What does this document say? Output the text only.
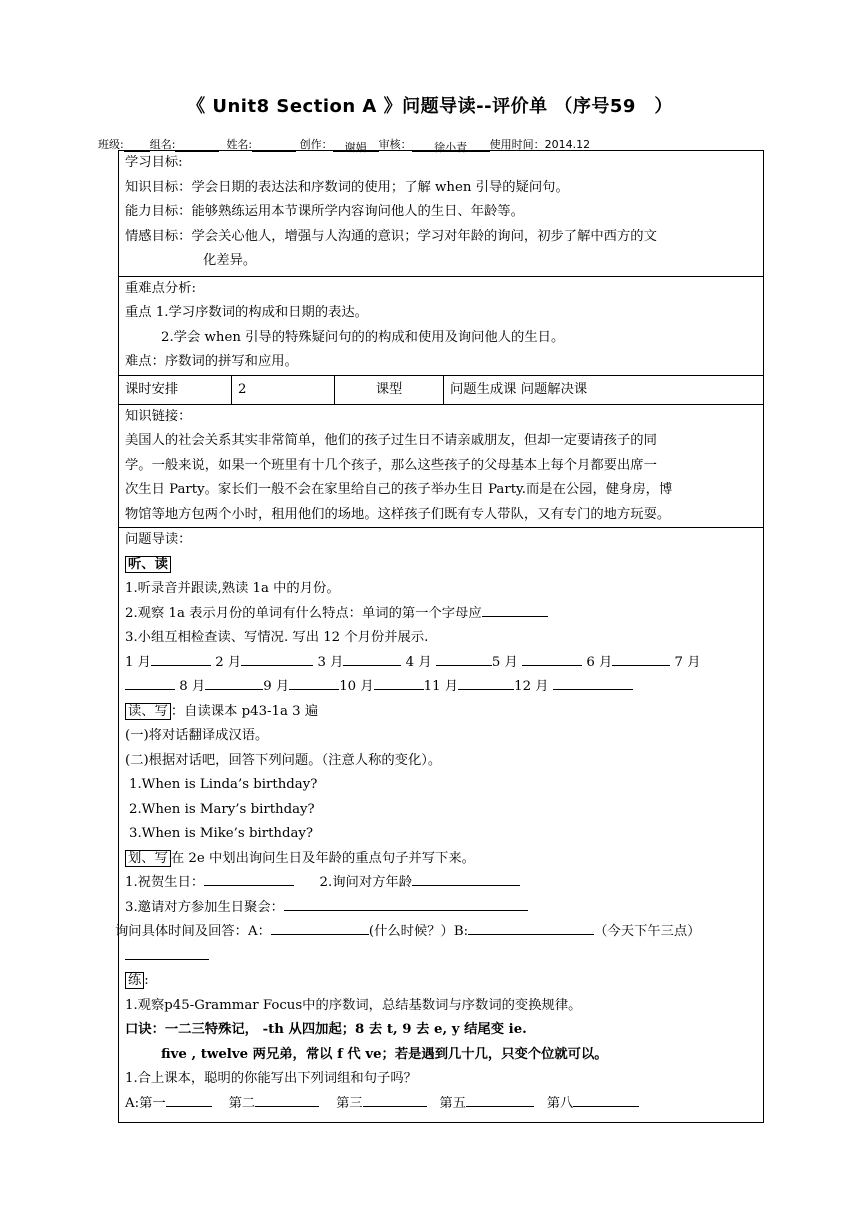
《 Unit8 Section A 》问题导读--评价单 （序号59　）
班级: 组名:	姓名:	创作： 谢娟 审核： 徐小青 使用时间：2014.12
学习目标:
知识目标：学会日期的表达法和序数词的使用；了解 when 引导的疑问句。
能力目标：能够熟练运用本节课所学内容询问他人的生日、年龄等。
情感目标：学会关心他人，增强与人沟通的意识；学习对年龄的询问，初步了解中西方的文
化差异。

重难点分析:
重点 1.学习序数词的构成和日期的表达。
2.学会 when 引导的特殊疑问句的的构成和使用及询问他人的生日。
难点：序数词的拼写和应用。

课时安排	2	课型	问题生成课 问题解决课

知识链接：
美国人的社会关系其实非常简单，他们的孩子过生日不请亲戚朋友，但却一定要请孩子的同
学。一般来说，如果一个班里有十几个孩子，那么这些孩子的父母基本上每个月都要出席一
次生日 Party。家长们一般不会在家里给自己的孩子举办生日 Party.而是在公园，健身房，博
物馆等地方包两个小时，租用他们的场地。这样孩子们既有专人带队，又有专门的地方玩耍。

问题导读：
听、读
1.听录音并跟读,熟读 1a 中的月份。
2.观察 1a 表示月份的单词有什么特点：单词的第一个字母应
3.小组互相检查读、写情况. 写出 12 个月份并展示.
1 月	2 月	3 月	4 月	5 月	6 月	7 月
8 月	9 月	10 月	11 月	12 月
读、写 ：自读课本 p43-1a 3 遍
(一)将对话翻译成汉语。
(二)根据对话吧，回答下列问题。（注意人称的变化）。
1.When is Linda’s birthday?
2.When is Mary’s birthday?
3.When is Mike’s birthday?
划、写 在 2e 中划出询问生日及年龄的重点句子并写下来。
1.祝贺生日：	2.询问对方年龄
3.邀请对方参加生日聚会：
询问具体时间及回答：A：	(什么时候？）B:	（今天下午三点）
练 :
1.观察p45-Grammar Focus中的序数词，总结基数词与序数词的变换规律。
口诀：一二三特殊记， -th 从四加起；8 去 t, 9 去 e, y 结尾变 ie.
five , twelve 两兄弟，常以 f 代 ve；若是遇到几十几，只变个位就可以。
1.合上课本，聪明的你能写出下列词组和句子吗？
A:第一	第二	第三	第五	第八
